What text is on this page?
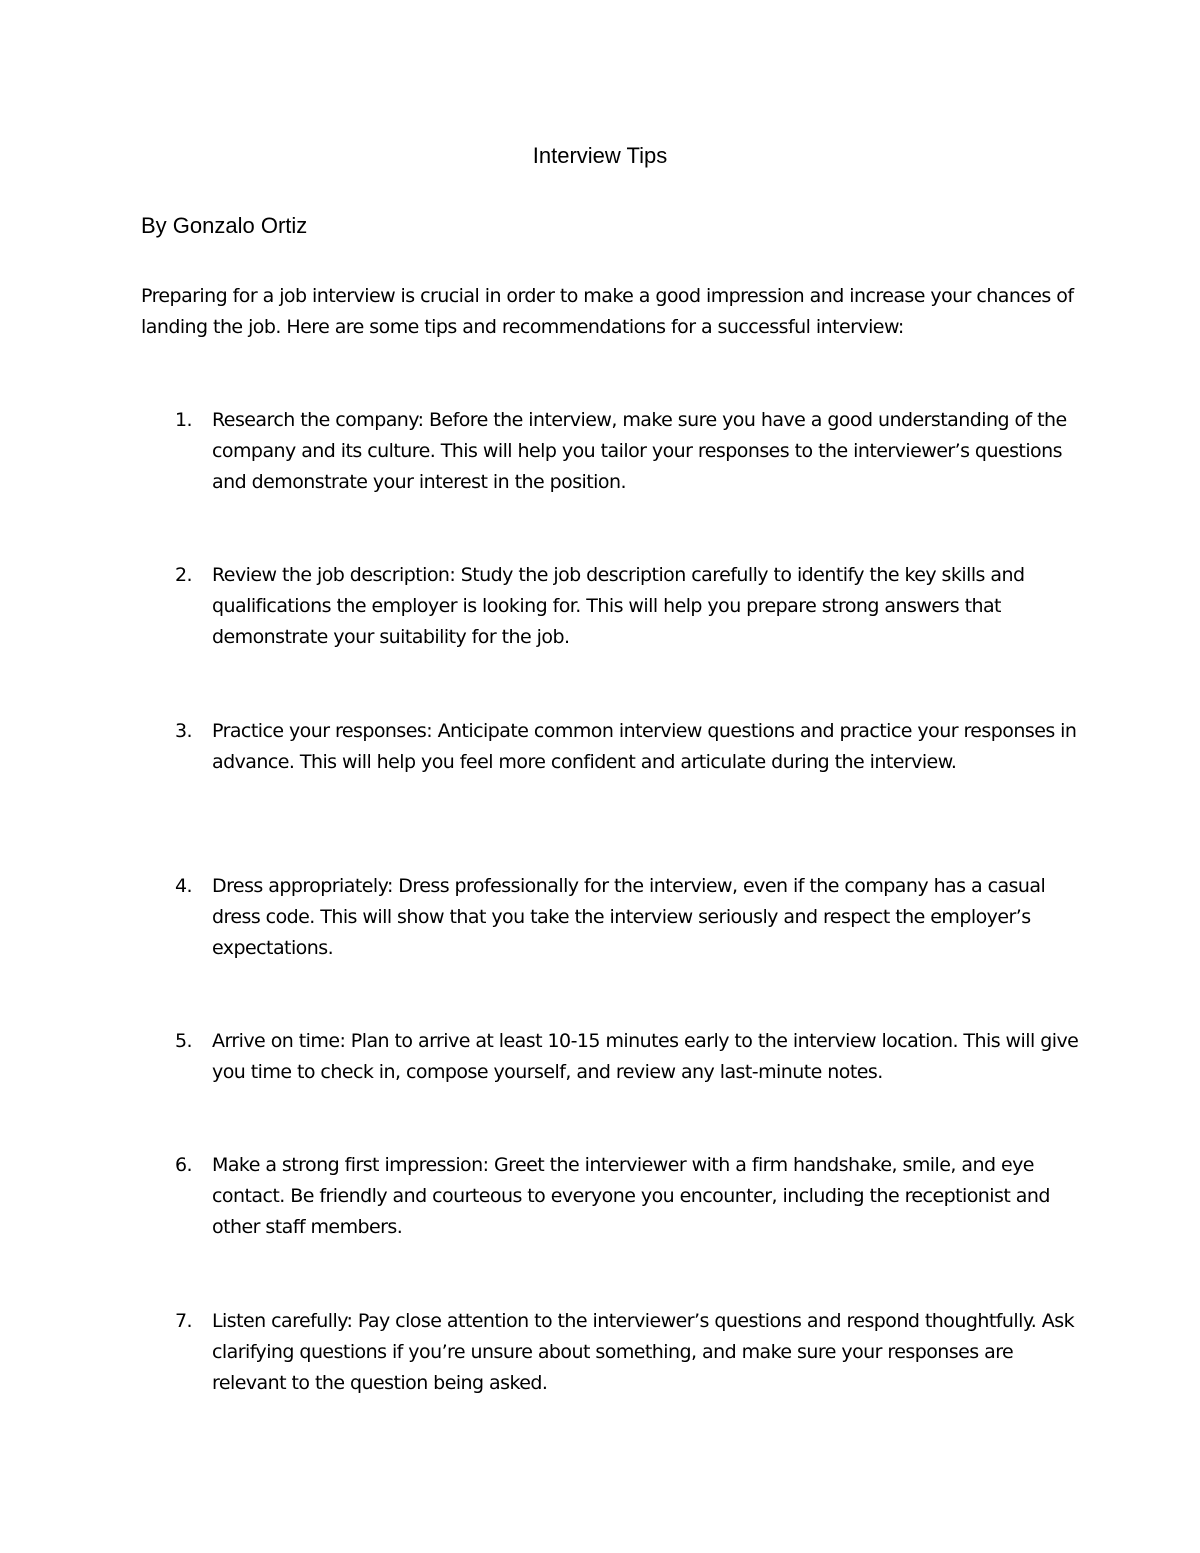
Interview Tips
By Gonzalo Ortiz

Preparing for a job interview is crucial in order to make a good impression and increase your chances of landing the job. Here are some tips and recommendations for a successful interview:

1. Research the company: Before the interview, make sure you have a good understanding of the company and its culture. This will help you tailor your responses to the interviewer’s questions and demonstrate your interest in the position.
2. Review the job description: Study the job description carefully to identify the key skills and qualifications the employer is looking for. This will help you prepare strong answers that demonstrate your suitability for the job.
3. Practice your responses: Anticipate common interview questions and practice your responses in advance. This will help you feel more confident and articulate during the interview.
4. Dress appropriately: Dress professionally for the interview, even if the company has a casual dress code. This will show that you take the interview seriously and respect the employer’s expectations.
5. Arrive on time: Plan to arrive at least 10-15 minutes early to the interview location. This will give you time to check in, compose yourself, and review any last-minute notes.
6. Make a strong first impression: Greet the interviewer with a firm handshake, smile, and eye contact. Be friendly and courteous to everyone you encounter, including the receptionist and other staff members.
7. Listen carefully: Pay close attention to the interviewer’s questions and respond thoughtfully. Ask clarifying questions if you’re unsure about something, and make sure your responses are relevant to the question being asked.
